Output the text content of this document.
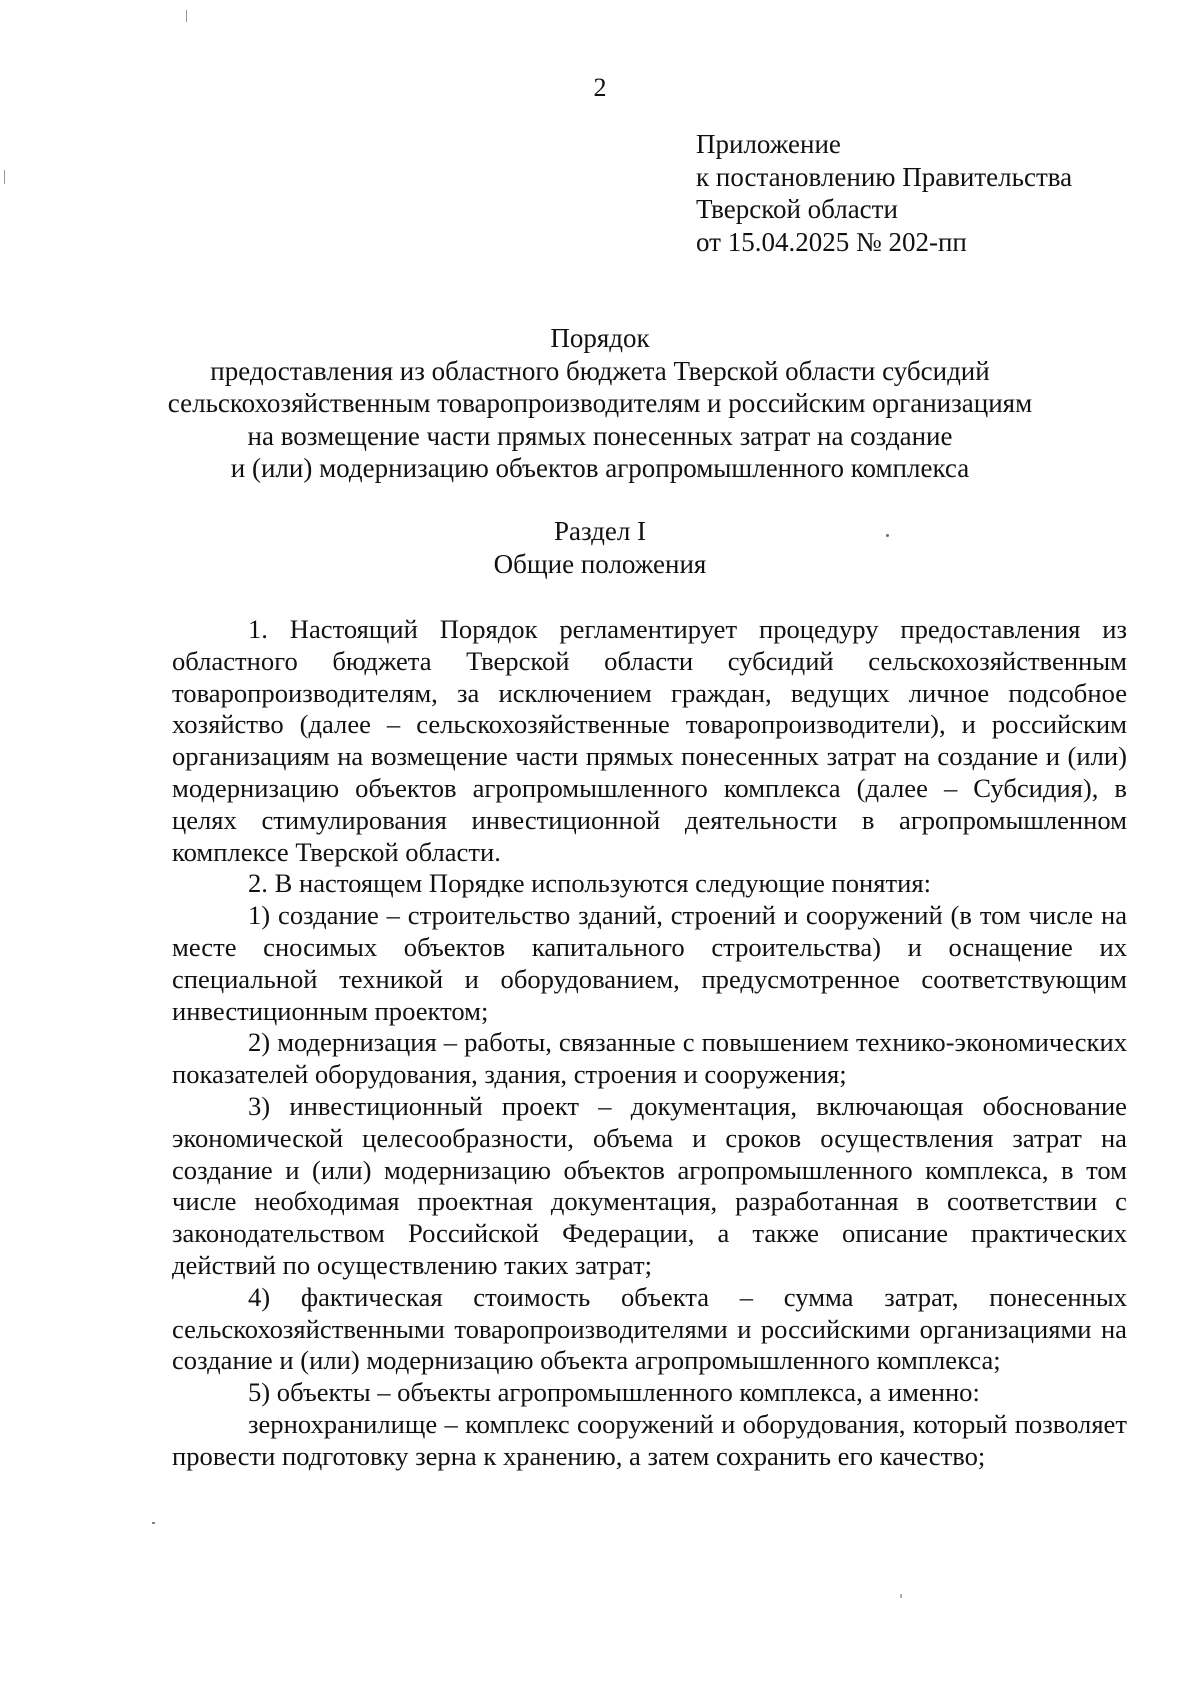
2
Приложение
к постановлению Правительства
Тверской области
от 15.04.2025 № 202-пп
Порядок
предоставления из областного бюджета Тверской области субсидий
сельскохозяйственным товаропроизводителям и российским организациям
на возмещение части прямых понесенных затрат на создание
и (или) модернизацию объектов агропромышленного комплекса
Раздел I
Общие положения

1. Настоящий Порядок регламентирует процедуру предоставления из областного бюджета Тверской области субсидий сельскохозяйственным товаропроизводителям, за исключением граждан, ведущих личное подсобное хозяйство (далее – сельскохозяйственные товаропроизводители), и российским организациям на возмещение части прямых понесенных затрат на создание и (или) модернизацию объектов агропромышленного комплекса (далее – Субсидия), в целях стимулирования инвестиционной деятельности в агропромышленном комплексе Тверской области.

2. В настоящем Порядке используются следующие понятия:

1) создание – строительство зданий, строений и сооружений (в том числе на месте сносимых объектов капитального строительства) и оснащение их специальной техникой и оборудованием, предусмотренное соответствующим инвестиционным проектом;

2) модернизация – работы, связанные с повышением технико-экономических показателей оборудования, здания, строения и сооружения;

3) инвестиционный проект – документация, включающая обоснование экономической целесообразности, объема и сроков осуществления затрат на создание и (или) модернизацию объектов агропромышленного комплекса, в том числе необходимая проектная документация, разработанная в соответствии с законодательством Российской Федерации, а также описание практических действий по осуществлению таких затрат;

4) фактическая стоимость объекта – сумма затрат, понесенных сельскохозяйственными товаропроизводителями и российскими организациями на создание и (или) модернизацию объекта агропромышленного комплекса;

5) объекты – объекты агропромышленного комплекса, а именно:

зернохранилище – комплекс сооружений и оборудования, который позволяет провести подготовку зерна к хранению, а затем сохранить его качество;
